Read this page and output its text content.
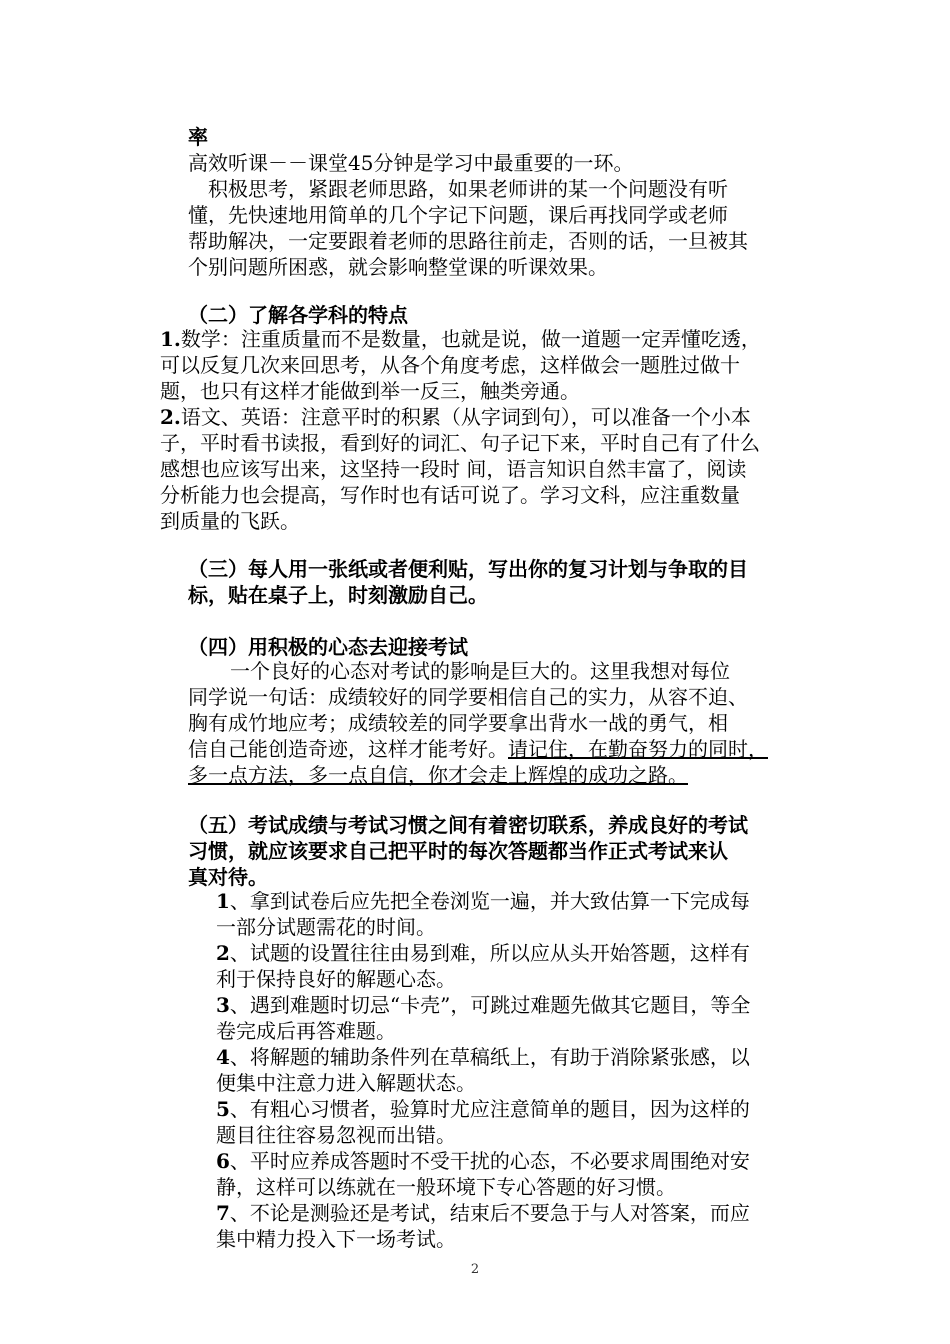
率
高效听课－－课堂45分钟是学习中最重要的一环。
　积极思考，紧跟老师思路，如果老师讲的某一个问题没有听
懂，先快速地用简单的几个字记下问题，课后再找同学或老师
帮助解决，一定要跟着老师的思路往前走，否则的话，一旦被其
个别问题所困惑，就会影响整堂课的听课效果。
（二）了解各学科的特点
1.数学：注重质量而不是数量，也就是说，做一道题一定弄懂吃透，
可以反复几次来回思考，从各个角度考虑，这样做会一题胜过做十
题，也只有这样才能做到举一反三，触类旁通。
2.语文、英语：注意平时的积累（从字词到句），可以准备一个小本
子，平时看书读报，看到好的词汇、句子记下来，平时自己有了什么
感想也应该写出来，这坚持一段时 间，语言知识自然丰富了，阅读
分析能力也会提高，写作时也有话可说了。学习文科，应注重数量
到质量的飞跃。
（三）每人用一张纸或者便利贴，写出你的复习计划与争取的目
标，贴在桌子上，时刻激励自己。
（四）用积极的心态去迎接考试
一个良好的心态对考试的影响是巨大的。这里我想对每位
同学说一句话：成绩较好的同学要相信自己的实力，从容不迫、
胸有成竹地应考；成绩较差的同学要拿出背水一战的勇气，相
信自己能创造奇迹，这样才能考好。请记住，在勤奋努力的同时，
多一点方法，多一点自信，你才会走上辉煌的成功之路。
（五）考试成绩与考试习惯之间有着密切联系，养成良好的考试
习惯，就应该要求自己把平时的每次答题都当作正式考试来认
真对待。
1、拿到试卷后应先把全卷浏览一遍，并大致估算一下完成每
一部分试题需花的时间。
2、试题的设置往往由易到难，所以应从头开始答题，这样有
利于保持良好的解题心态。
3、遇到难题时切忌“卡壳”，可跳过难题先做其它题目，等全
卷完成后再答难题。
4、将解题的辅助条件列在草稿纸上，有助于消除紧张感，以
便集中注意力进入解题状态。
5、有粗心习惯者，验算时尤应注意简单的题目，因为这样的
题目往往容易忽视而出错。
6、平时应养成答题时不受干扰的心态，不必要求周围绝对安
静，这样可以练就在一般环境下专心答题的好习惯。
7、不论是测验还是考试，结束后不要急于与人对答案，而应
集中精力投入下一场考试。
2
